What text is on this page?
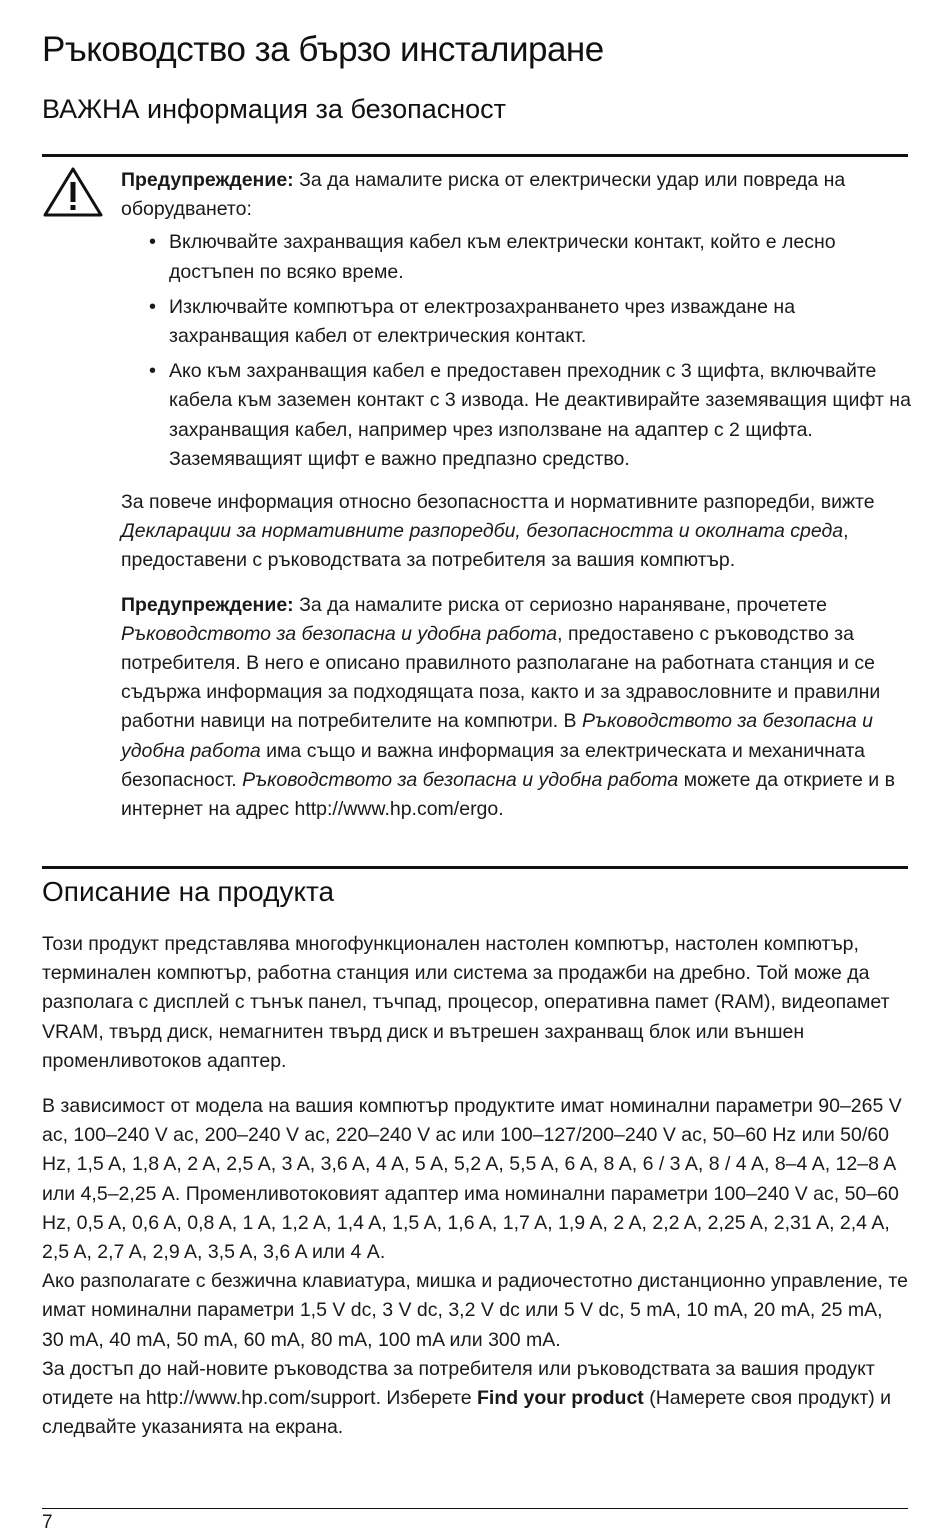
Ръководство за бързо инсталиране
ВАЖНА информация за безопасност

Предупреждение: За да намалите риска от електрически удар или повреда на оборудването:

• Включвайте захранващия кабел към електрически контакт, който е лесно достъпен по всяко време.
• Изключвайте компютъра от електрозахранването чрез изваждане на захранващия кабел от електрическия контакт.
• Ако към захранващия кабел е предоставен преходник с 3 щифта, включвайте кабела към заземен контакт с 3 извода. Не деактивирайте заземяващия щифт на захранващия кабел, например чрез използване на адаптер с 2 щифта. Заземяващият щифт е важно предпазно средство.

За повече информация относно безопасността и нормативните разпоредби, вижте Декларации за нормативните разпоредби, безопасността и околната среда, предоставени с ръководствата за потребителя за вашия компютър.

Предупреждение: За да намалите риска от сериозно нараняване, прочетете Ръководството за безопасна и удобна работа, предоставено с ръководство за потребителя. В него е описано правилното разполагане на работната станция и се съдържа информация за подходящата поза, както и за здравословните и правилни работни навици на потребителите на компютри. В Ръководството за безопасна и удобна работа има също и важна информация за електрическата и механичната безопасност. Ръководството за безопасна и удобна работа можете да откриете и в интернет на адрес http://www.hp.com/ergo.

Описание на продукта

Този продукт представлява многофункционален настолен компютър, настолен компютър, терминален компютър, работна станция или система за продажби на дребно. Той може да разполага с дисплей с тънък панел, тъчпад, процесор, оперативна памет (RAM), видеопамет VRAM, твърд диск, немагнитен твърд диск и вътрешен захранващ блок или външен променливотоков адаптер.

В зависимост от модела на вашия компютър продуктите имат номинални параметри 90–265 V ac, 100–240 V ac, 200–240 V ac, 220–240 V ac или 100–127/200–240 V ac, 50–60 Hz или 50/60 Hz, 1,5 A, 1,8 A, 2 A, 2,5 A, 3 A, 3,6 A, 4 A, 5 A, 5,2 A, 5,5 A, 6 A, 8 A, 6 / 3 A, 8 / 4 A, 8–4 A, 12–8 A или 4,5–2,25 A. Променливотоковият адаптер има номинални параметри 100–240 V ac, 50–60 Hz, 0,5 A, 0,6 A, 0,8 A, 1 A, 1,2 A, 1,4 A, 1,5 A, 1,6 A, 1,7 A, 1,9 A, 2 A, 2,2 A, 2,25 A, 2,31 A, 2,4 A, 2,5 A, 2,7 A, 2,9 A, 3,5 A, 3,6 A или 4 A.

Ако разполагате с безжична клавиатура, мишка и радиочестотно дистанционно управление, те имат номинални параметри 1,5 V dc, 3 V dc, 3,2 V dc или 5 V dc, 5 mA, 10 mA, 20 mA, 25 mA, 30 mA, 40 mA, 50 mA, 60 mA, 80 mA, 100 mA или 300 mA.

За достъп до най-новите ръководства за потребителя или ръководствата за вашия продукт отидете на http://www.hp.com/support. Изберете Find your product (Намерете своя продукт) и следвайте указанията на екрана.

7
